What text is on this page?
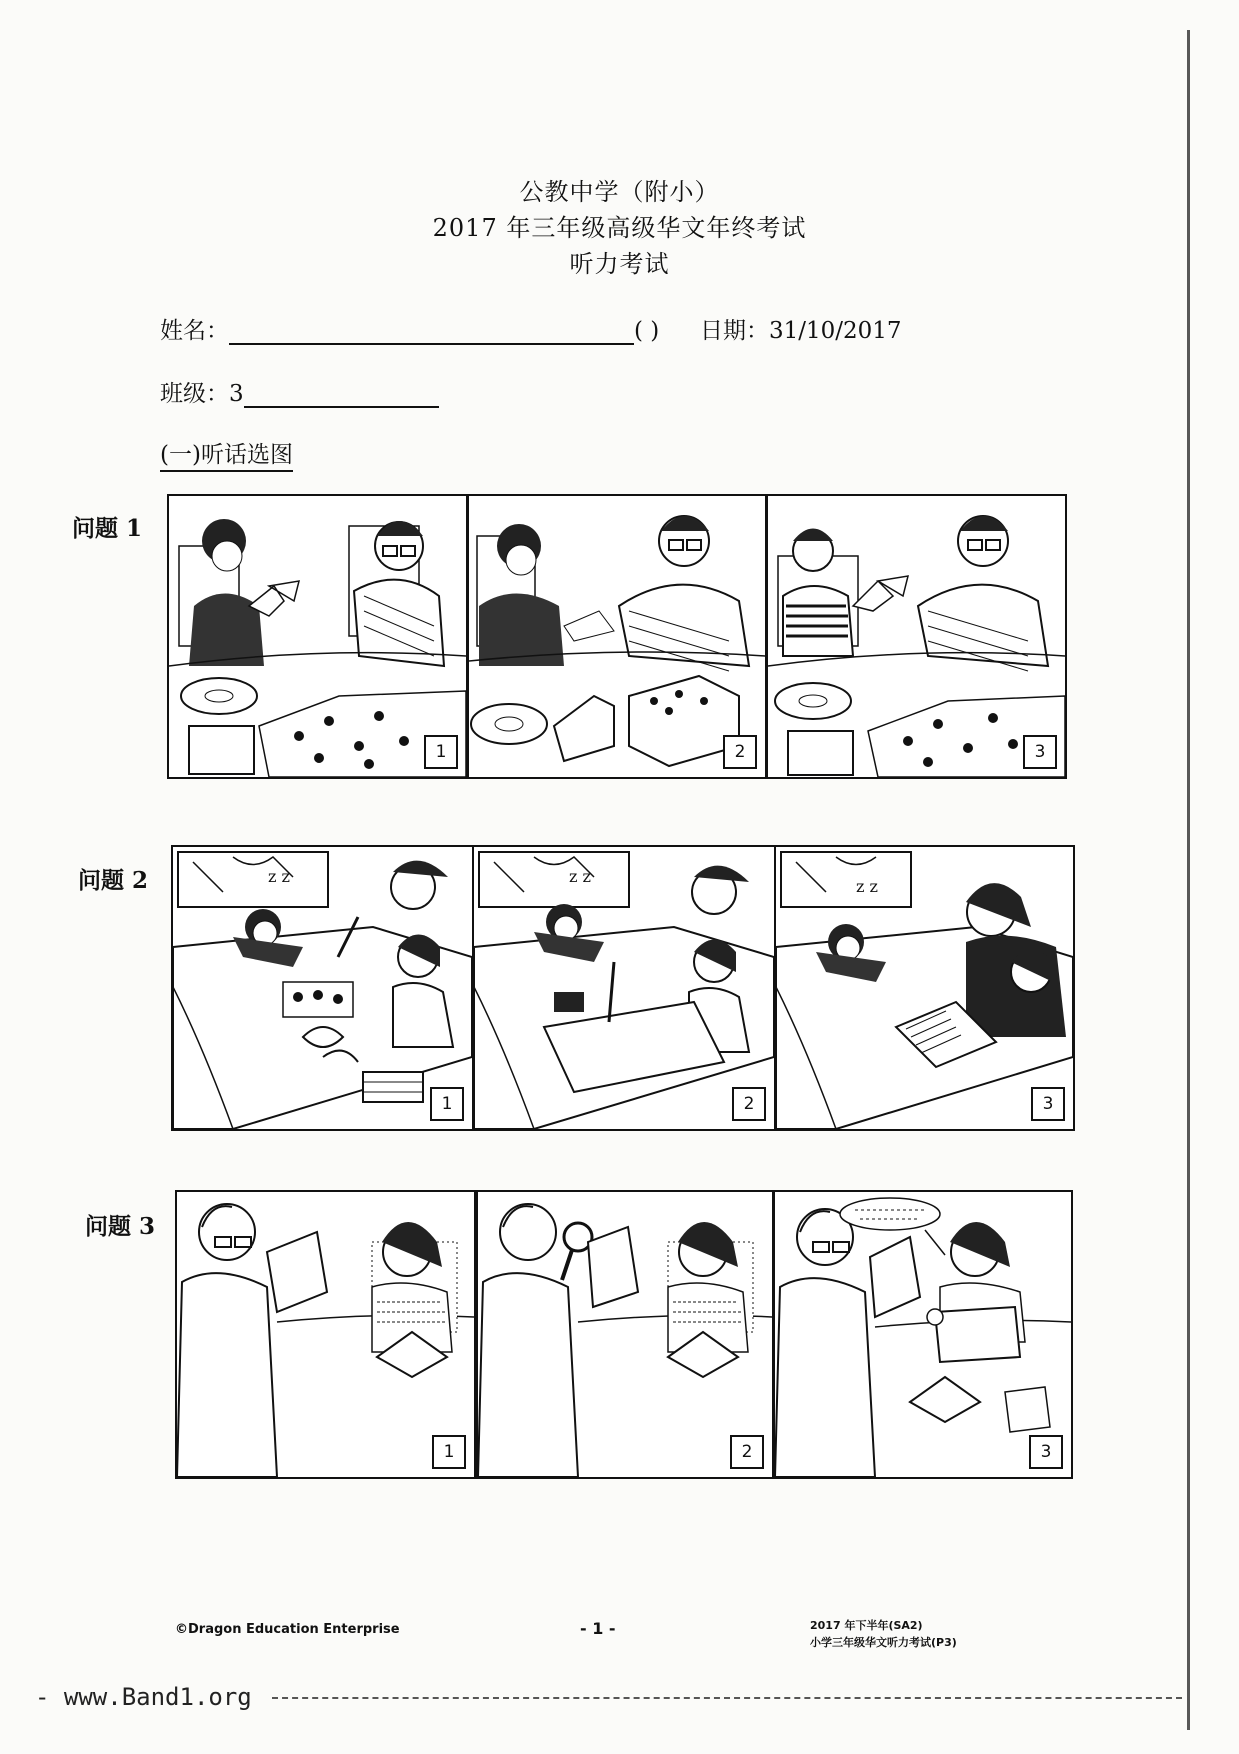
公教中学（附小）
2017 年三年级高级华文年终考试
听力考试
姓名：	( ) 日期：31/10/2017
班级：3
(一)听话选图
问题 1
1	2	3
问题 2	z z
1
z z
2
z z
3
问题 3
1	2	3
©Dragon Education Enterprise	- 1 -	2017 年下半年(SA2)
小学三年级华文听力考试(P3)
- www.Band1.org
